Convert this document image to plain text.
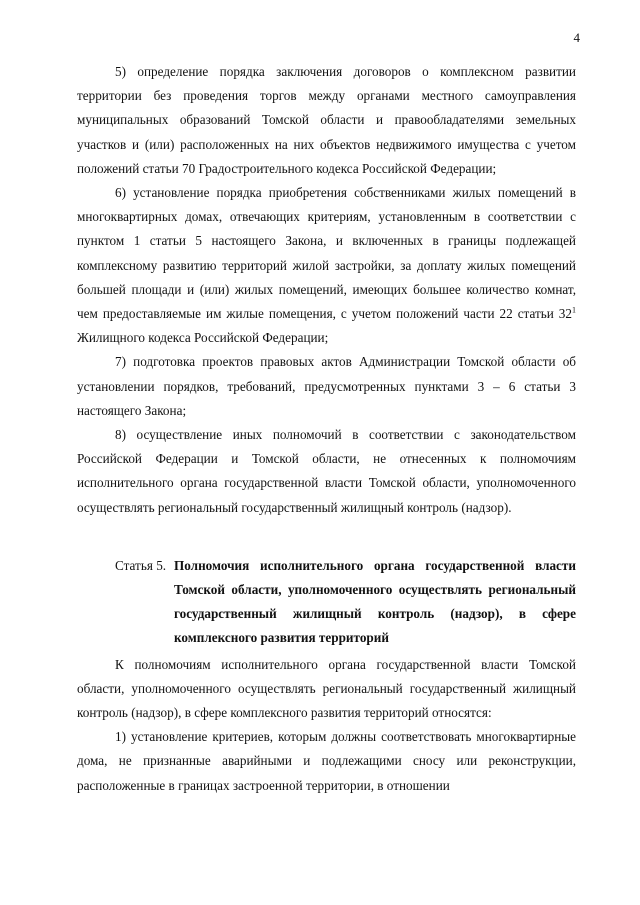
4

5) определение порядка заключения договоров о комплексном развитии территории без проведения торгов между органами местного самоуправления муниципальных образований Томской области и правообладателями земельных участков и (или) расположенных на них объектов недвижимого имущества с учетом положений статьи 70 Градостроительного кодекса Российской Федерации;

6) установление порядка приобретения собственниками жилых помещений в многоквартирных домах, отвечающих критериям, установленным в соответствии с пунктом 1 статьи 5 настоящего Закона, и включенных в границы подлежащей комплексному развитию территорий жилой застройки, за доплату жилых помещений большей площади и (или) жилых помещений, имеющих большее количество комнат, чем предоставляемые им жилые помещения, с учетом положений части 22 статьи $32^1$ Жилищного кодекса Российской Федерации;

7) подготовка проектов правовых актов Администрации Томской области об установлении порядков, требований, предусмотренных пунктами 3 – 6 статьи 3 настоящего Закона;

8) осуществление иных полномочий в соответствии с законодательством Российской Федерации и Томской области, не отнесенных к полномочиям исполнительного органа государственной власти Томской области, уполномоченного осуществлять региональный государственный жилищный контроль (надзор).

Статья 5. Полномочия исполнительного органа государственной власти Томской области, уполномоченного осуществлять региональный государственный жилищный контроль (надзор), в сфере комплексного развития территорий

К полномочиям исполнительного органа государственной власти Томской области, уполномоченного осуществлять региональный государственный жилищный контроль (надзор), в сфере комплексного развития территорий относятся:

1) установление критериев, которым должны соответствовать многоквартирные дома, не признанные аварийными и подлежащими сносу или реконструкции, расположенные в границах застроенной территории, в отношении
